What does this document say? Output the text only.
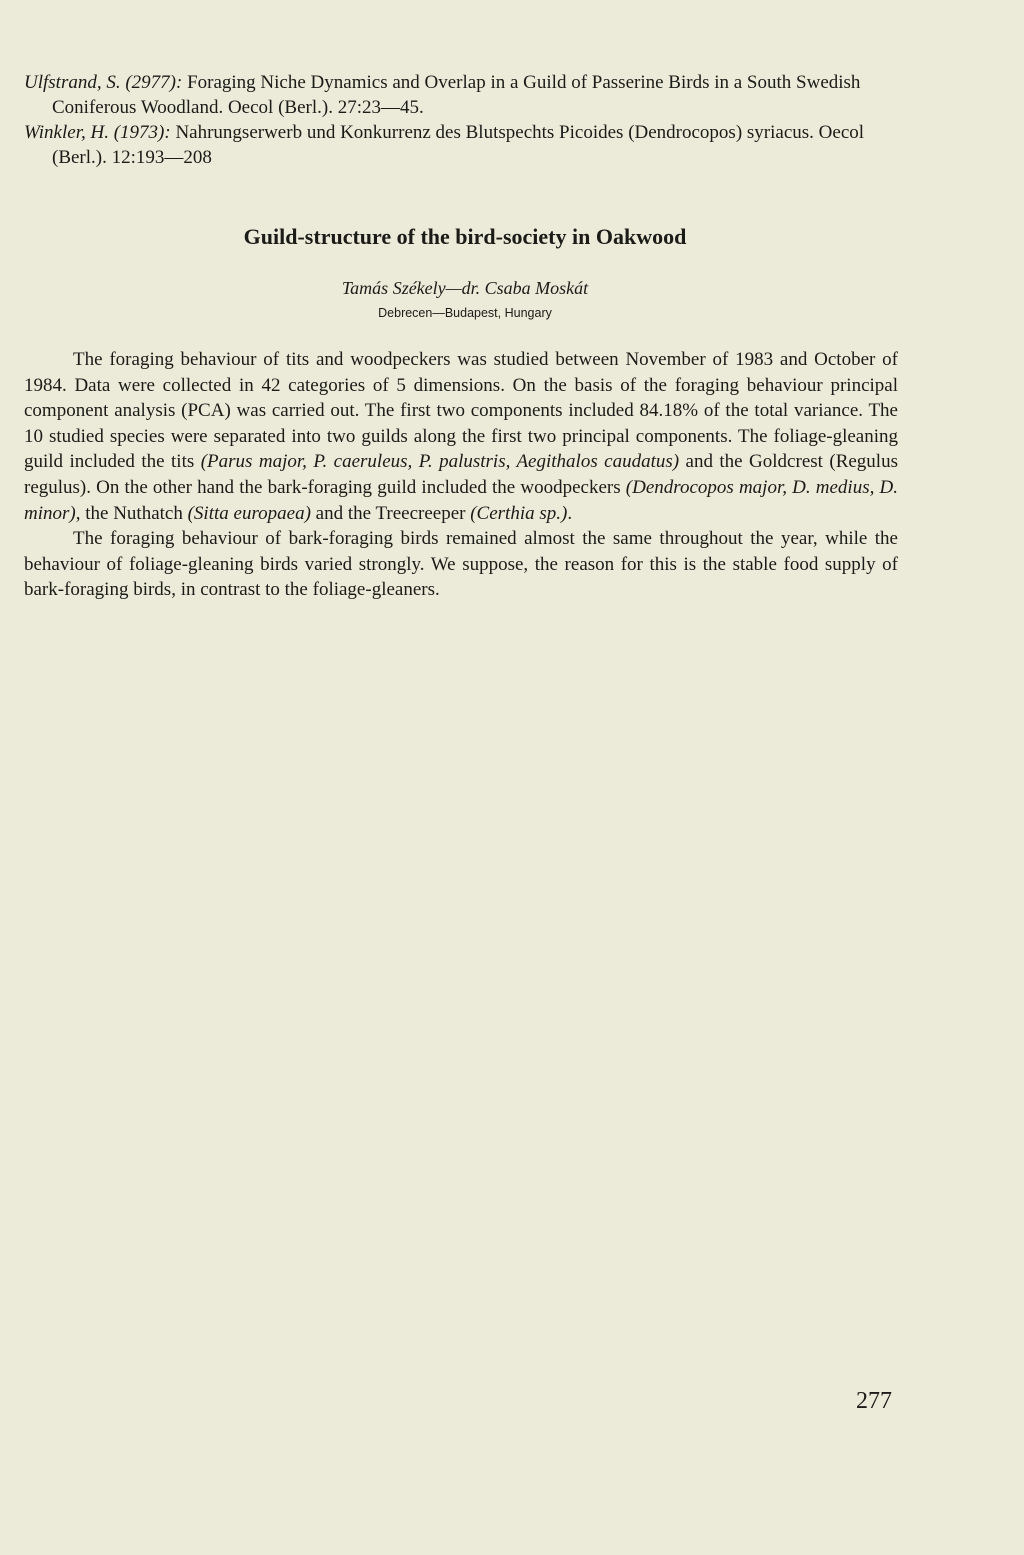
Ulfstrand, S. (2977): Foraging Niche Dynamics and Overlap in a Guild of Passerine Birds in a South Swedish Coniferous Woodland. Oecol (Berl.). 27:23—45.

Winkler, H. (1973): Nahrungserwerb und Konkurrenz des Blutspechts Picoides (Dendrocopos) syriacus. Oecol (Berl.). 12:193—208

Guild-structure of the bird-society in Oakwood
Tamás Székely—dr. Csaba Moskát
Debrecen—Budapest, Hungary

The foraging behaviour of tits and woodpeckers was studied between November of 1983 and October of 1984. Data were collected in 42 categories of 5 dimensions. On the basis of the foraging behaviour principal component analysis (PCA) was carried out. The first two components included 84.18% of the total variance. The 10 studied species were separated into two guilds along the first two principal components. The foliage-gleaning guild included the tits (Parus major, P. caeruleus, P. palustris, Aegithalos caudatus) and the Goldcrest (Regulus regulus). On the other hand the bark-foraging guild included the woodpeckers (Dendrocopos major, D. medius, D. minor), the Nuthatch (Sitta europaea) and the Treecreeper (Certhia sp.).

The foraging behaviour of bark-foraging birds remained almost the same throughout the year, while the behaviour of foliage-gleaning birds varied strongly. We suppose, the reason for this is the stable food supply of bark-foraging birds, in contrast to the foliage-gleaners.

277
